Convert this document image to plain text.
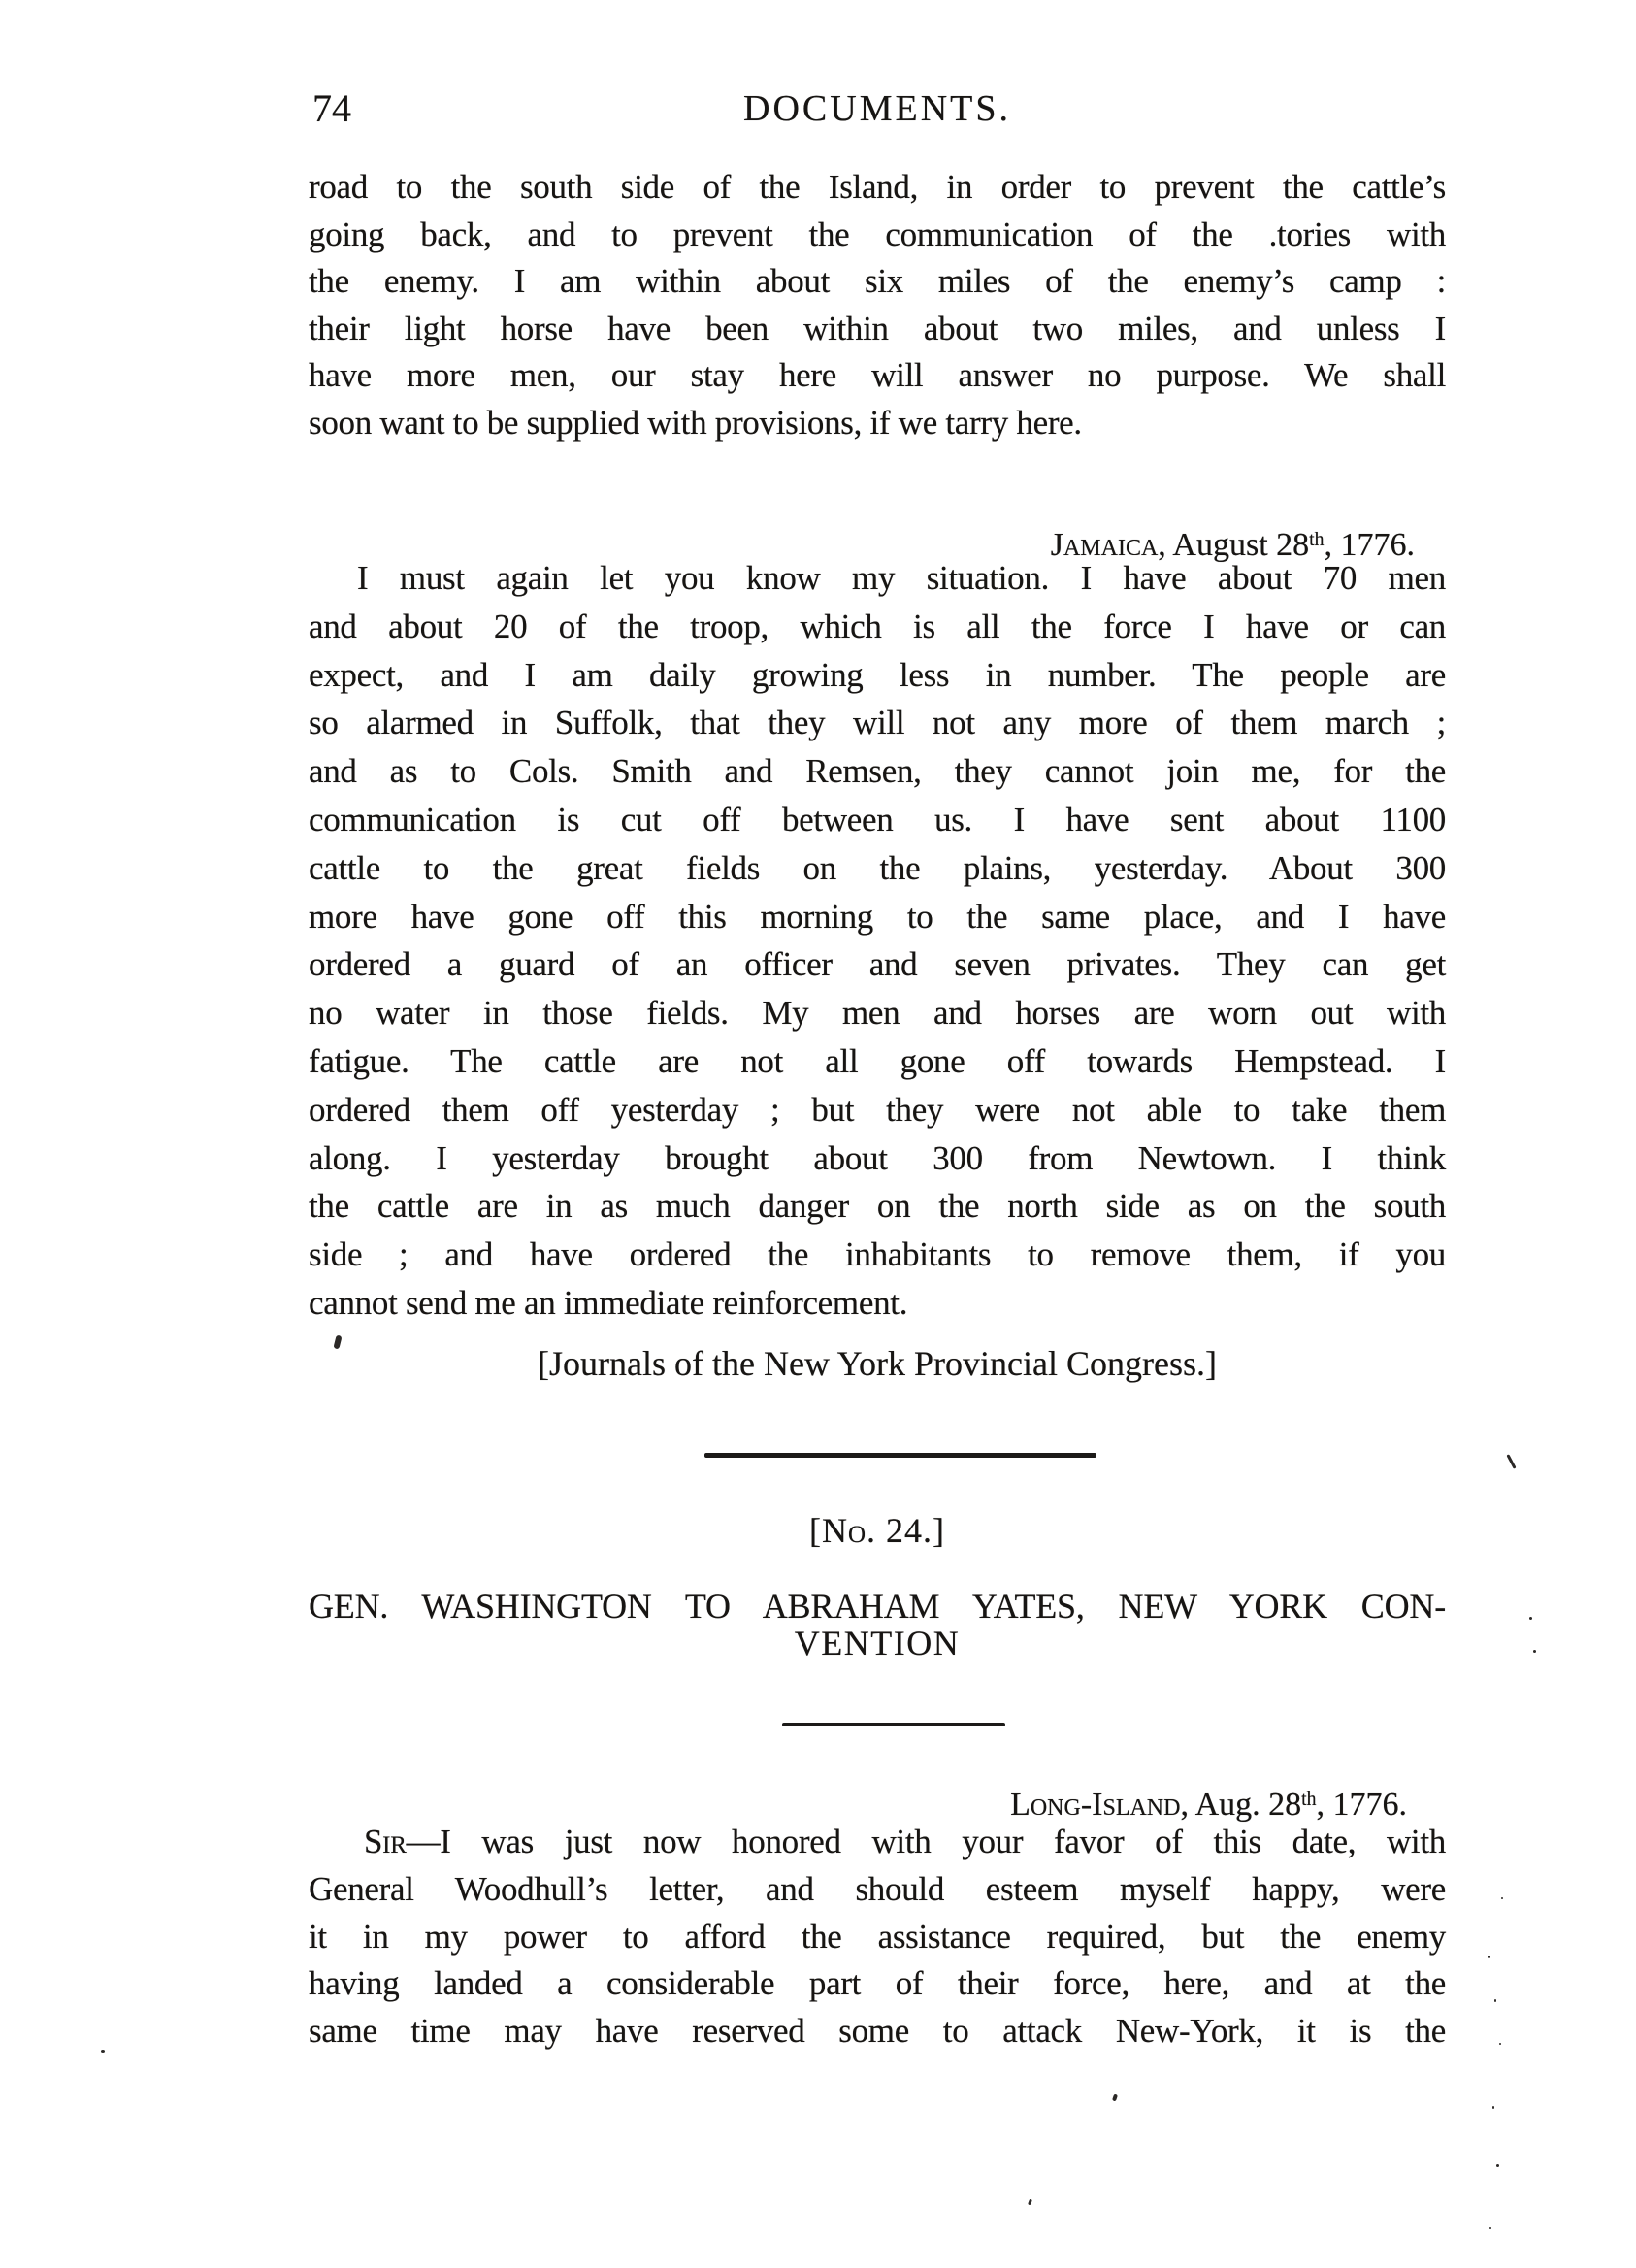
74	DOCUMENTS.
road to the south side of the Island, in order to prevent the cattle’s
going back, and to prevent the communication of the .tories with
the enemy. I am within about six miles of the enemy’s camp :
their light horse have been within about two miles, and unless I
have more men, our stay here will answer no purpose. We shall
soon want to be supplied with provisions, if we tarry here.
Jamaica, August 28th, 1776.
I must again let you know my situation. I have about 70 men
and about 20 of the troop, which is all the force I have or can
expect, and I am daily growing less in number. The people are
so alarmed in Suffolk, that they will not any more of them march ;
and as to Cols. Smith and Remsen, they cannot join me, for the
communication is cut off between us. I have sent about 1100
cattle to the great fields on the plains, yesterday. About 300
more have gone off this morning to the same place, and I have
ordered a guard of an officer and seven privates. They can get
no water in those fields. My men and horses are worn out with
fatigue. The cattle are not all gone off towards Hempstead. I
ordered them off yesterday ; but they were not able to take them
along. I yesterday brought about 300 from Newtown. I think
the cattle are in as much danger on the north side as on the south
side ; and have ordered the inhabitants to remove them, if you
cannot send me an immediate reinforcement.
[Journals of the New York Provincial Congress.]
[No. 24.]
GEN. WASHINGTON TO ABRAHAM YATES, NEW YORK CON-
VENTION
Long-Island, Aug. 28th, 1776.
Sir—I was just now honored with your favor of this date, with
General Woodhull’s letter, and should esteem myself happy, were
it in my power to afford the assistance required, but the enemy
having landed a considerable part of their force, here, and at the
same time may have reserved some to attack New-York, it is the
